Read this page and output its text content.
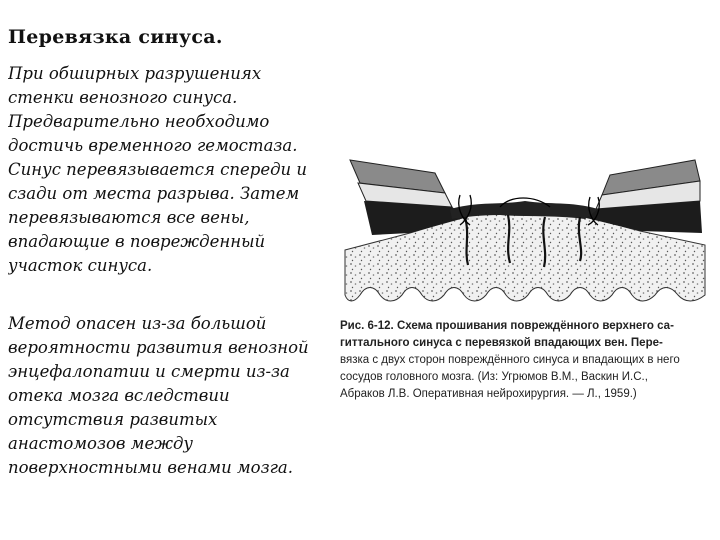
Перевязка синуса.

При обширных разрушениях
стенки венозного синуса.
Предварительно необходимо
достичь временного гемостаза.
Синус перевязывается спереди и
сзади от места разрыва. Затем
перевязываются все вены,
впадающие в поврежденный
участок синуса.

Метод опасен из-за большой
вероятности развития венозной
энцефалопатии и смерти из-за
отека мозга вследствии
отсутствия развитых
анастомозов между
поверхностными венами мозга.

Рис. 6-12. Схема прошивания повреждённого верхнего са-
гиттального синуса с перевязкой впадающих вен. Пере-
вязка с двух сторон повреждённого синуса и впадающих в него
сосудов головного мозга. (Из: Угрюмов В.М., Васкин И.С.,
Абраков Л.В. Оперативная нейрохирургия. — Л., 1959.)
